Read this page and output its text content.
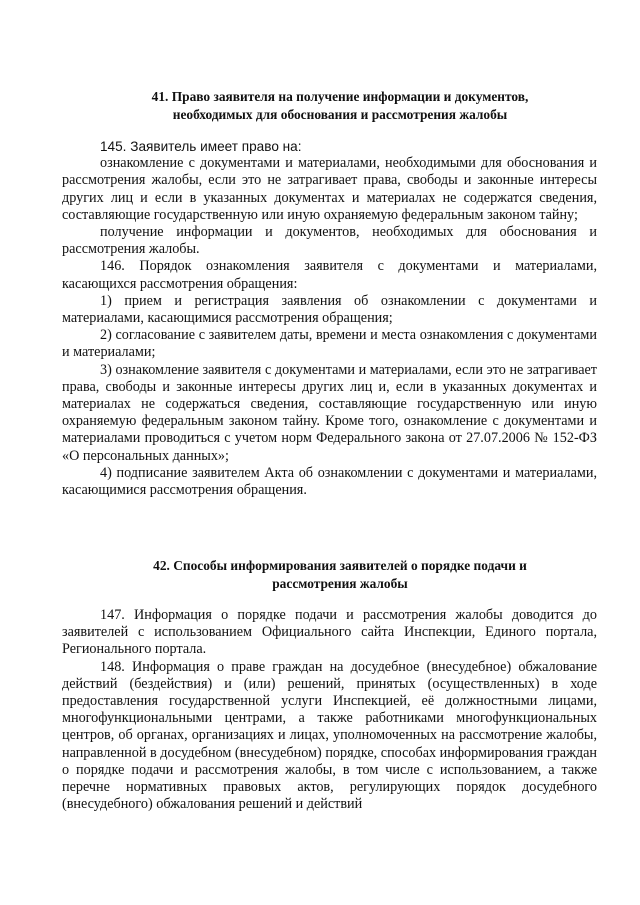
41. Право заявителя на получение информации и документов,
необходимых для обоснования и рассмотрения жалобы

145. Заявитель имеет право на:

ознакомление с документами и материалами, необходимыми для обоснования и рассмотрения жалобы, если это не затрагивает права, свободы и законные интересы других лиц и если в указанных документах и материалах не содержатся сведения, составляющие государственную или иную охраняемую федеральным законом тайну;

получение информации и документов, необходимых для обоснования и рассмотрения жалобы.

146. Порядок ознакомления заявителя с документами и материалами, касающихся рассмотрения обращения:

1) прием и регистрация заявления об ознакомлении с документами и материалами, касающимися рассмотрения обращения;

2) согласование с заявителем даты, времени и места ознакомления с документами и материалами;

3) ознакомление заявителя с документами и материалами, если это не затрагивает права, свободы и законные интересы других лиц и, если в указанных документах и материалах не содержаться сведения, составляющие государственную или иную охраняемую федеральным законом тайну. Кроме того, ознакомление с документами и материалами проводиться с учетом норм Федерального закона от 27.07.2006 № 152-ФЗ «О персональных данных»;

4) подписание заявителем Акта об ознакомлении с документами и материалами, касающимися рассмотрения обращения.

42. Способы информирования заявителей о порядке подачи и
рассмотрения жалобы

147. Информация о порядке подачи и рассмотрения жалобы доводится до заявителей с использованием Официального сайта Инспекции, Единого портала, Регионального портала.

148. Информация о праве граждан на досудебное (внесудебное) обжалование действий (бездействия) и (или) решений, принятых (осуществленных) в ходе предоставления государственной услуги Инспекцией, её должностными лицами, многофункциональными центрами, а также работниками многофункциональных центров, об органах, организациях и лицах, уполномоченных на рассмотрение жалобы, направленной в досудебном (внесудебном) порядке, способах информирования граждан о порядке подачи и рассмотрения жалобы, в том числе с использованием, а также перечне нормативных правовых актов, регулирующих порядок досудебного (внесудебного) обжалования решений и действий
